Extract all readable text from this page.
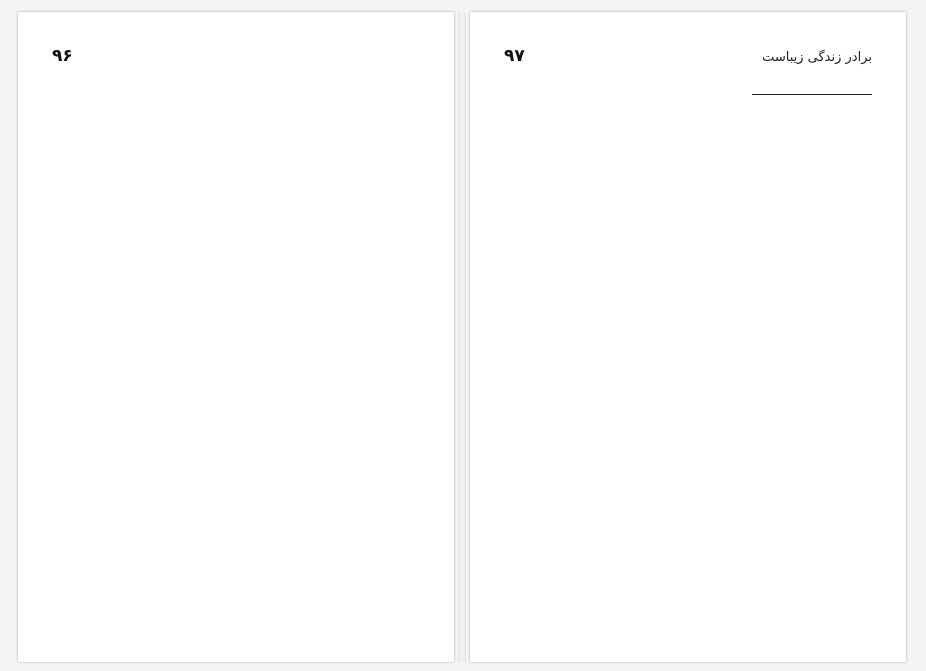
۹۶	برادر زندگی زیباست
۹۷
